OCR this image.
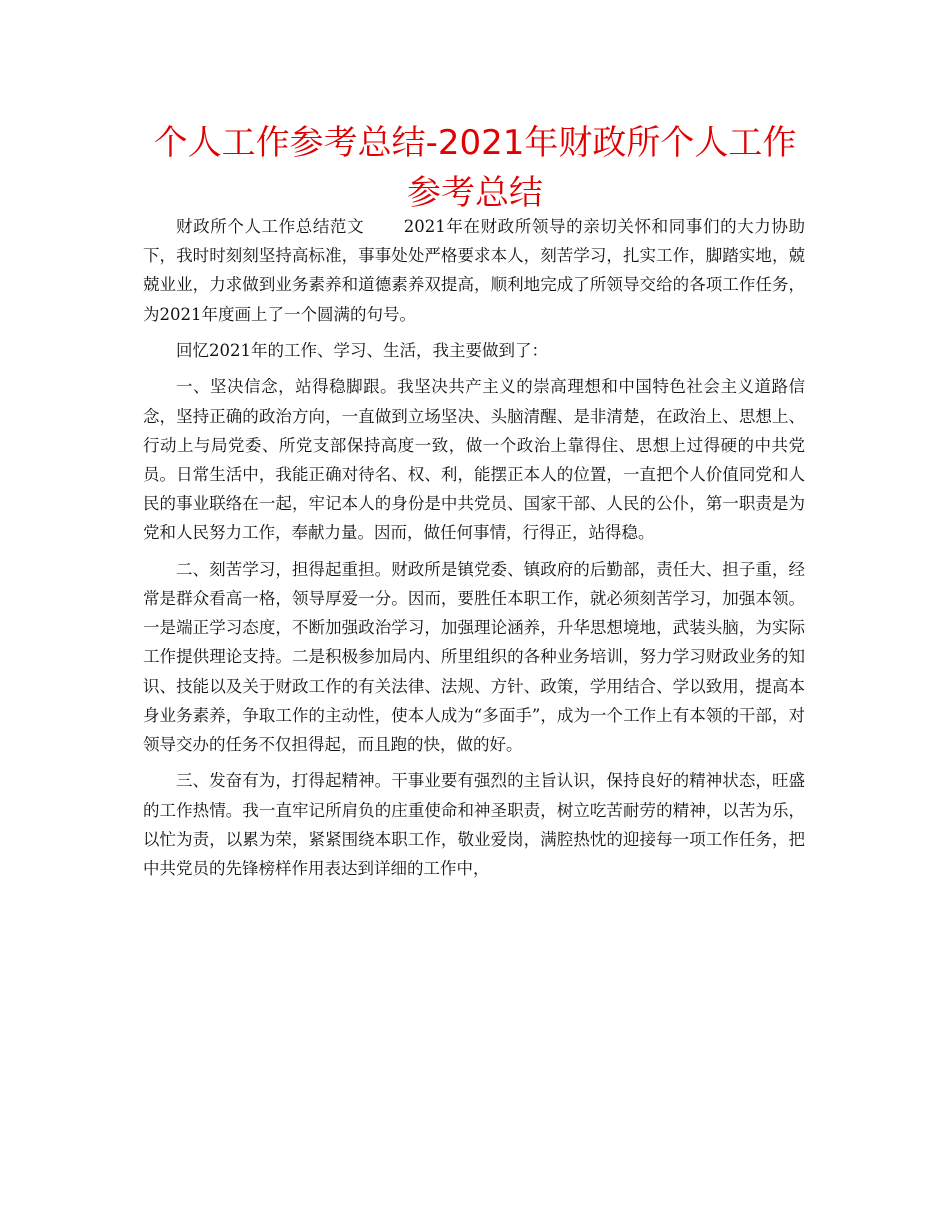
个人工作参考总结-2021年财政所个人工作参考总结

财政所个人工作总结范文 2021年在财政所领导的亲切关怀和同事们的大力协助下，我时时刻刻坚持高标准，事事处处严格要求本人，刻苦学习，扎实工作，脚踏实地，兢兢业业，力求做到业务素养和道德素养双提高，顺利地完成了所领导交给的各项工作任务，为2021年度画上了一个圆满的句号。

回忆2021年的工作、学习、生活，我主要做到了：

一、坚决信念，站得稳脚跟。我坚决共产主义的崇高理想和中国特色社会主义道路信念，坚持正确的政治方向，一直做到立场坚决、头脑清醒、是非清楚，在政治上、思想上、行动上与局党委、所党支部保持高度一致，做一个政治上靠得住、思想上过得硬的中共党员。日常生活中，我能正确对待名、权、利，能摆正本人的位置，一直把个人价值同党和人民的事业联络在一起，牢记本人的身份是中共党员、国家干部、人民的公仆，第一职责是为党和人民努力工作，奉献力量。因而，做任何事情，行得正，站得稳。

二、刻苦学习，担得起重担。财政所是镇党委、镇政府的后勤部，责任大、担子重，经常是群众看高一格，领导厚爱一分。因而，要胜任本职工作，就必须刻苦学习，加强本领。一是端正学习态度，不断加强政治学习，加强理论涵养，升华思想境地，武装头脑，为实际工作提供理论支持。二是积极参加局内、所里组织的各种业务培训，努力学习财政业务的知识、技能以及关于财政工作的有关法律、法规、方针、政策，学用结合、学以致用，提高本身业务素养，争取工作的主动性，使本人成为“多面手”，成为一个工作上有本领的干部，对领导交办的任务不仅担得起，而且跑的快，做的好。

三、发奋有为，打得起精神。干事业要有强烈的主旨认识，保持良好的精神状态，旺盛的工作热情。我一直牢记所肩负的庄重使命和神圣职责，树立吃苦耐劳的精神，以苦为乐，以忙为责，以累为荣，紧紧围绕本职工作，敬业爱岗，满腔热忱的迎接每一项工作任务，把中共党员的先锋榜样作用表达到详细的工作中，
